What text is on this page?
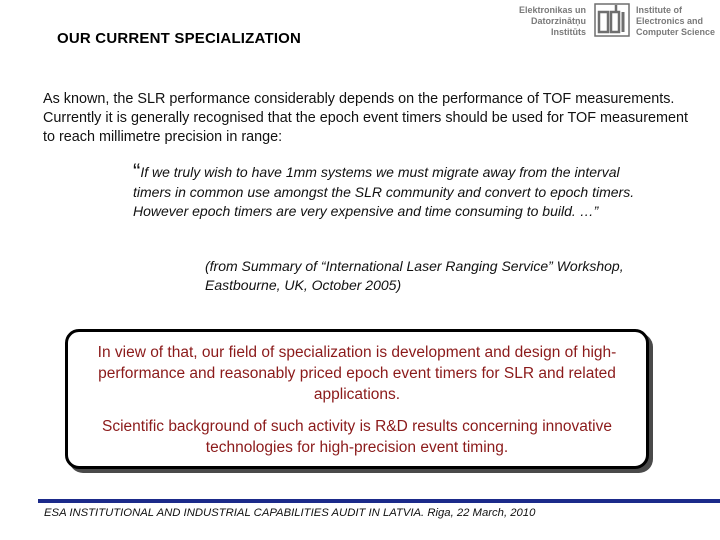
OUR CURRENT SPECIALIZATION
Elektronikas un
Datorzinātņu
Institūts
Institute of
Electronics and
Computer Science
As known, the SLR performance considerably depends on the performance of TOF measurements. Currently it is generally recognised that the epoch event timers should be used for TOF measurement to reach millimetre precision in range:
“If we truly wish to have 1mm systems we must migrate away from the interval timers in common use amongst the SLR community and convert to epoch timers. However epoch timers are very expensive and time consuming to build. …”
(from Summary of “International Laser Ranging Service” Workshop, Eastbourne, UK, October 2005)

In view of that, our field of specialization is development and design of high-performance and reasonably priced epoch event timers for SLR and related applications.

Scientific background of such activity is R&D results concerning innovative technologies for high-precision event timing.

ESA INSTITUTIONAL AND INDUSTRIAL CAPABILITIES AUDIT IN LATVIA. Riga, 22 March, 2010
